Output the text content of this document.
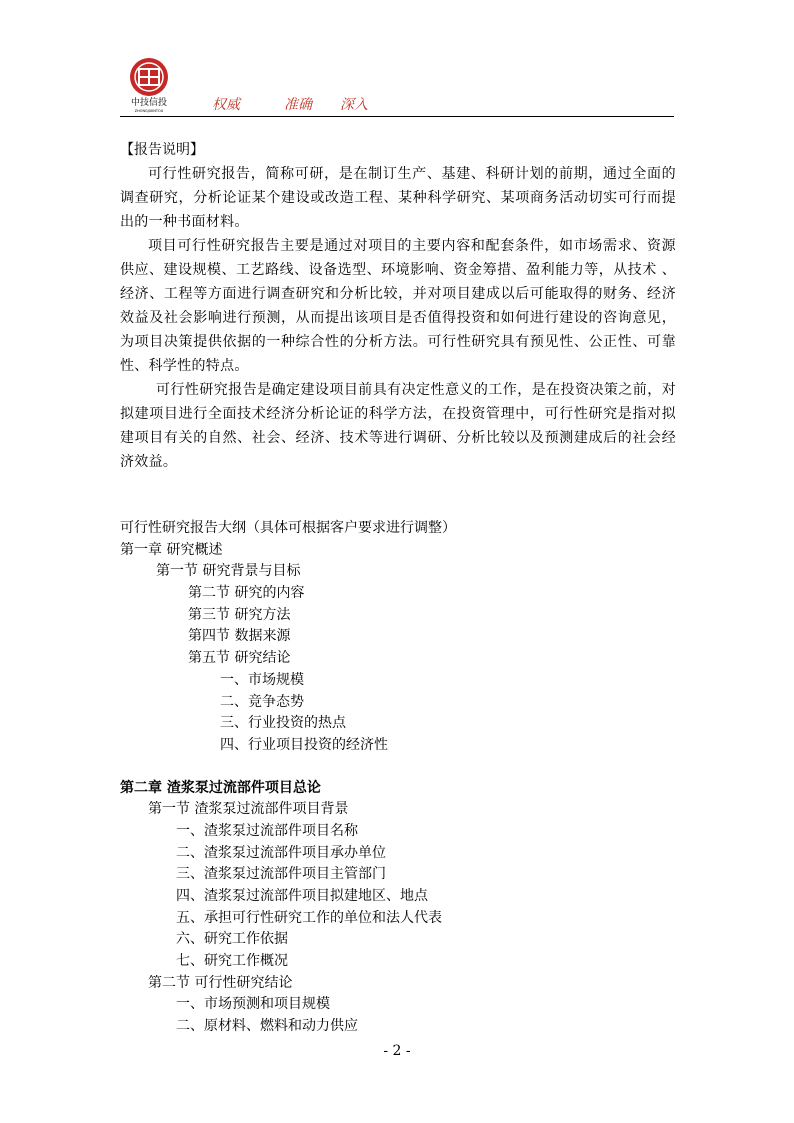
中技信投
ZHONGJIXINTOU	权威	准确 深入
【报告说明】

可行性研究报告，简称可研，是在制订生产、基建、科研计划的前期，通过全面的调查研究，分析论证某个建设或改造工程、某种科学研究、某项商务活动切实可行而提出的一种书面材料。

项目可行性研究报告主要是通过对项目的主要内容和配套条件，如市场需求、资源供应、建设规模、工艺路线、设备选型、环境影响、资金筹措、盈利能力等，从技术 、经济、工程等方面进行调查研究和分析比较，并对项目建成以后可能取得的财务、经济效益及社会影响进行预测，从而提出该项目是否值得投资和如何进行建设的咨询意见，为项目决策提供依据的一种综合性的分析方法。可行性研究具有预见性、公正性、可靠性、科学性的特点。

可行性研究报告是确定建设项目前具有决定性意义的工作，是在投资决策之前，对拟建项目进行全面技术经济分析论证的科学方法，在投资管理中，可行性研究是指对拟建项目有关的自然、社会、经济、技术等进行调研、分析比较以及预测建成后的社会经济效益。

可行性研究报告大纲（具体可根据客户要求进行调整）
第一章 研究概述
第一节 研究背景与目标
第二节 研究的内容
第三节 研究方法
第四节 数据来源
第五节 研究结论
一、市场规模
二、竞争态势
三、行业投资的热点
四、行业项目投资的经济性
第二章 渣浆泵过流部件项目总论
第一节 渣浆泵过流部件项目背景
一、渣浆泵过流部件项目名称
二、渣浆泵过流部件项目承办单位
三、渣浆泵过流部件项目主管部门
四、渣浆泵过流部件项目拟建地区、地点
五、承担可行性研究工作的单位和法人代表
六、研究工作依据
七、研究工作概况
第二节 可行性研究结论
一、市场预测和项目规模
二、原材料、燃料和动力供应
- 2 -
